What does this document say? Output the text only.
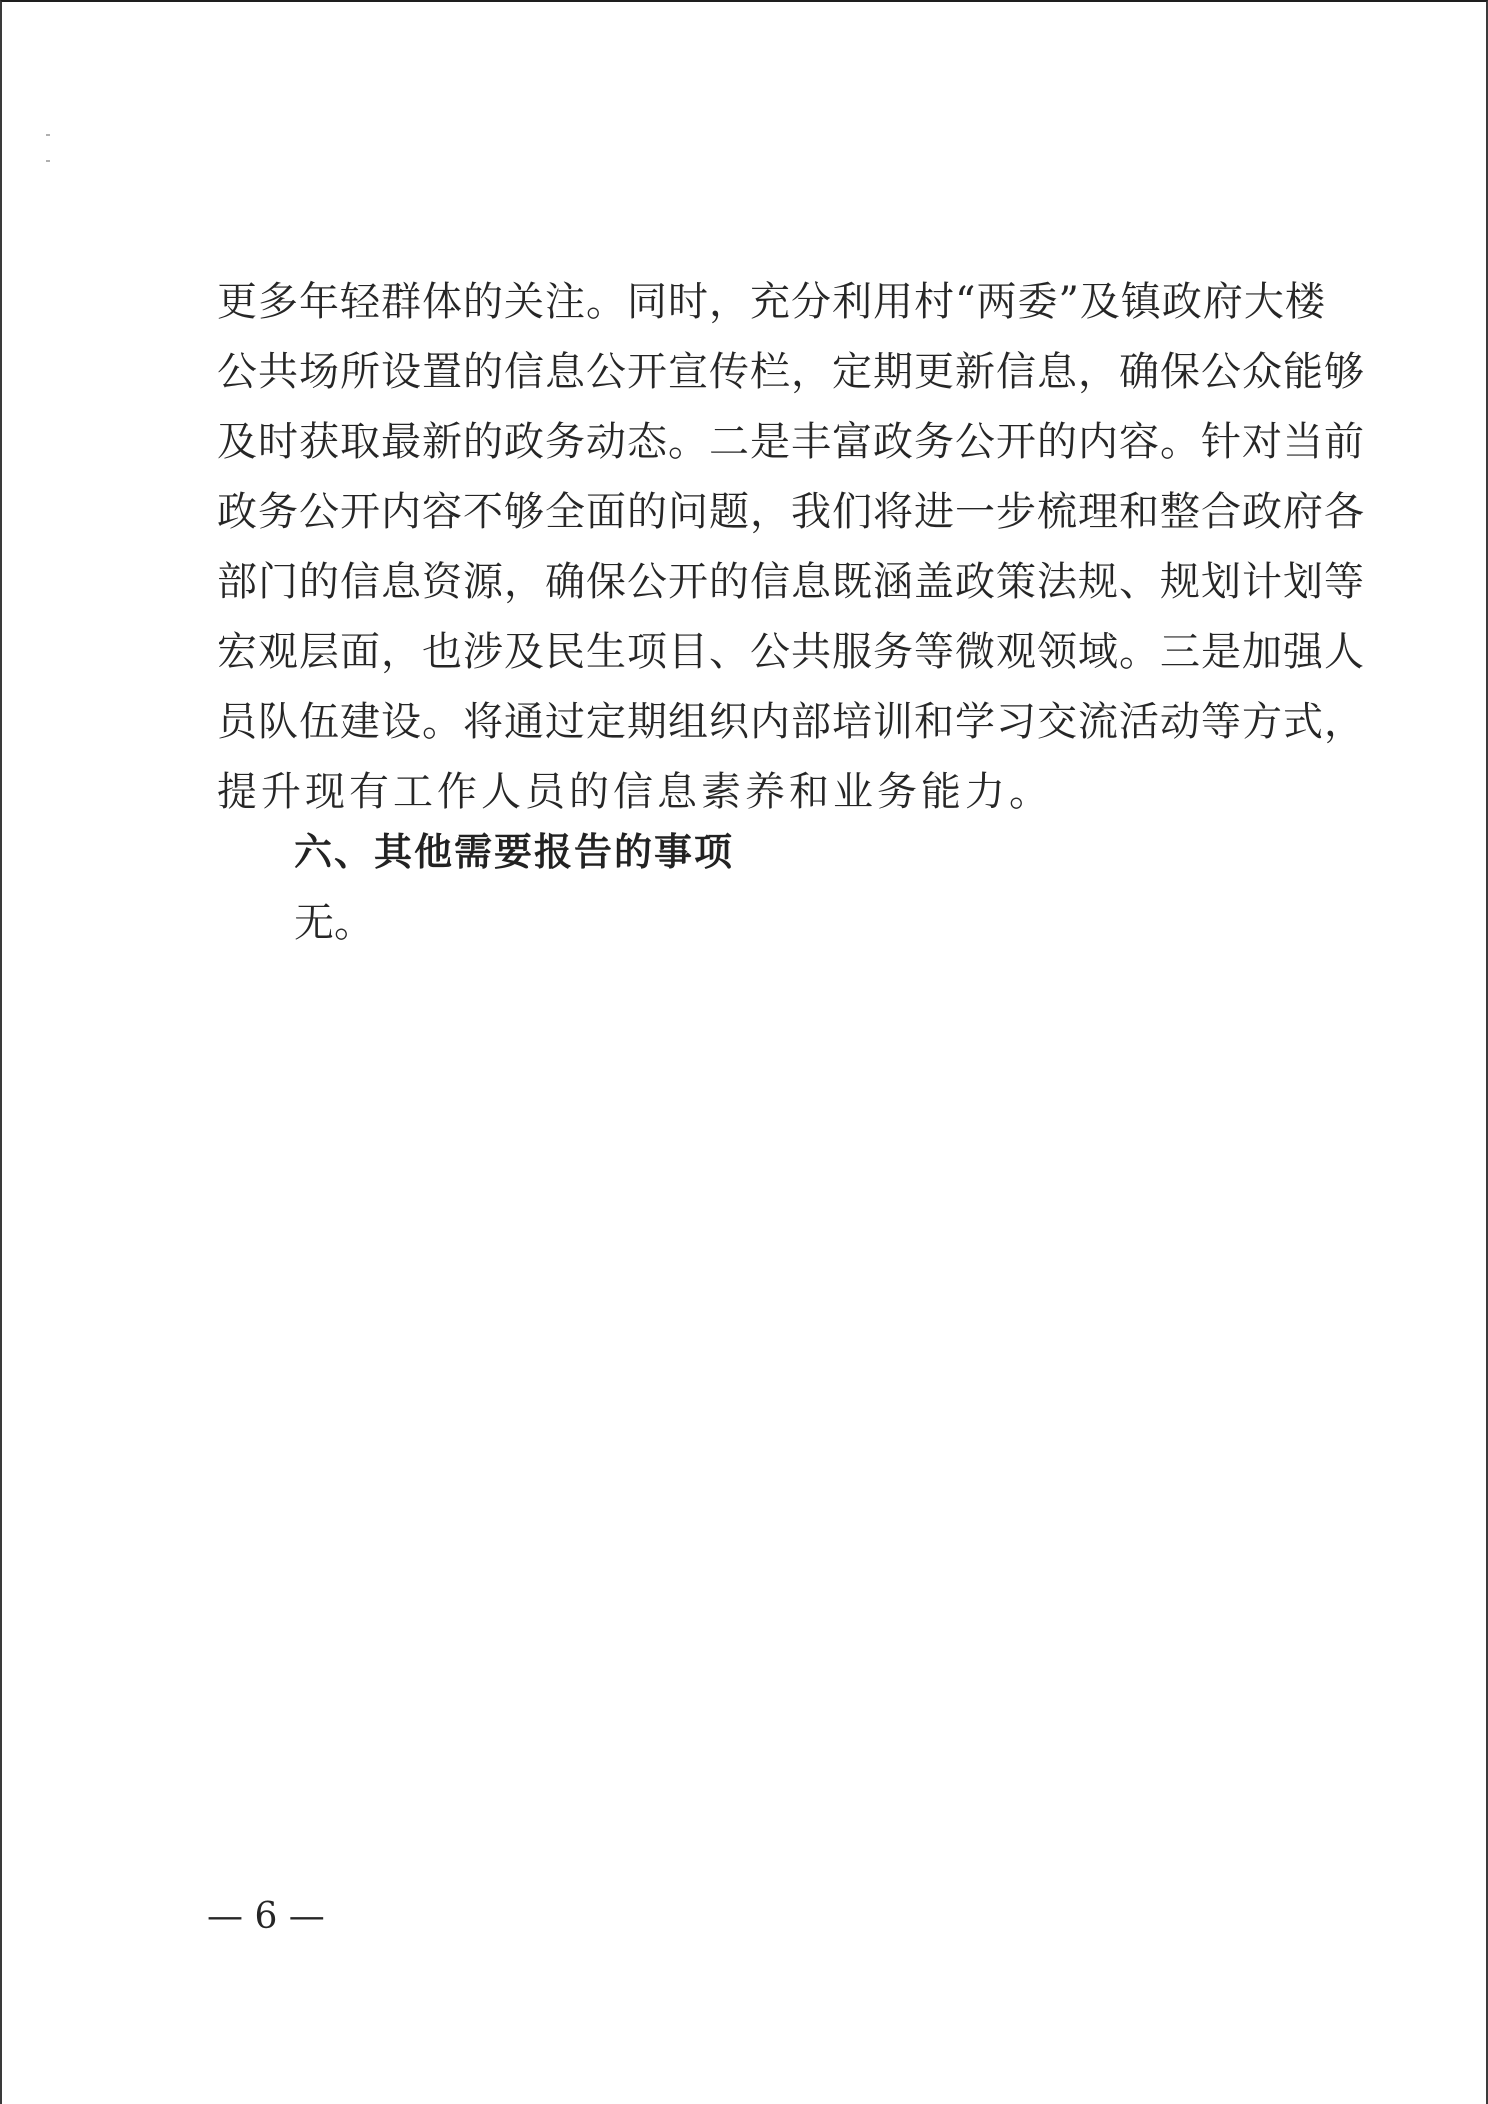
更多年轻群体的关注。同时，充分利用村“两委”及镇政府大楼
公共场所设置的信息公开宣传栏，定期更新信息，确保公众能够
及时获取最新的政务动态。二是丰富政务公开的内容。针对当前
政务公开内容不够全面的问题，我们将进一步梳理和整合政府各
部门的信息资源，确保公开的信息既涵盖政策法规、规划计划等
宏观层面，也涉及民生项目、公共服务等微观领域。三是加强人
员队伍建设。将通过定期组织内部培训和学习交流活动等方式，
提升现有工作人员的信息素养和业务能力。
六、其他需要报告的事项
无。
— 6 —
